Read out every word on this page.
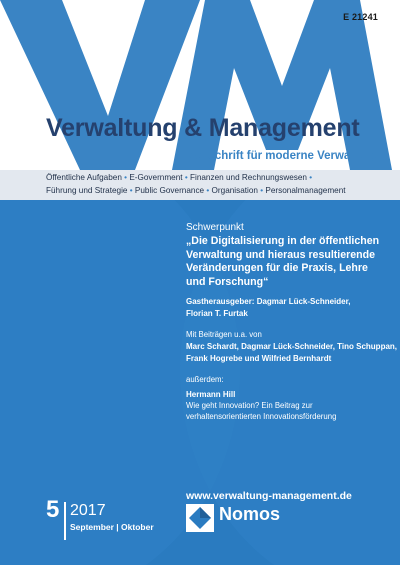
E 21241
Verwaltung & Management
Zeitschrift für moderne Verwaltung
Öffentliche Aufgaben • E-Government • Finanzen und Rechnungswesen •
Führung und Strategie • Public Governance • Organisation • Personalmanagement
Schwerpunkt
„Die Digitalisierung in der öffentlichen
Verwaltung und hieraus resultierende
Veränderungen für die Praxis, Lehre
und Forschung“
Gastherausgeber: Dagmar Lück-Schneider,
Florian T. Furtak
Mit Beiträgen u.a. von
Marc Schardt, Dagmar Lück-Schneider, Tino Schuppan,
Frank Hogrebe und Wilfried Bernhardt
außerdem:
Hermann Hill
Wie geht Innovation? Ein Beitrag zur
verhaltensorientierten Innovationsförderung
www.verwaltung-management.de
5 2017
September | Oktober
Nomos
